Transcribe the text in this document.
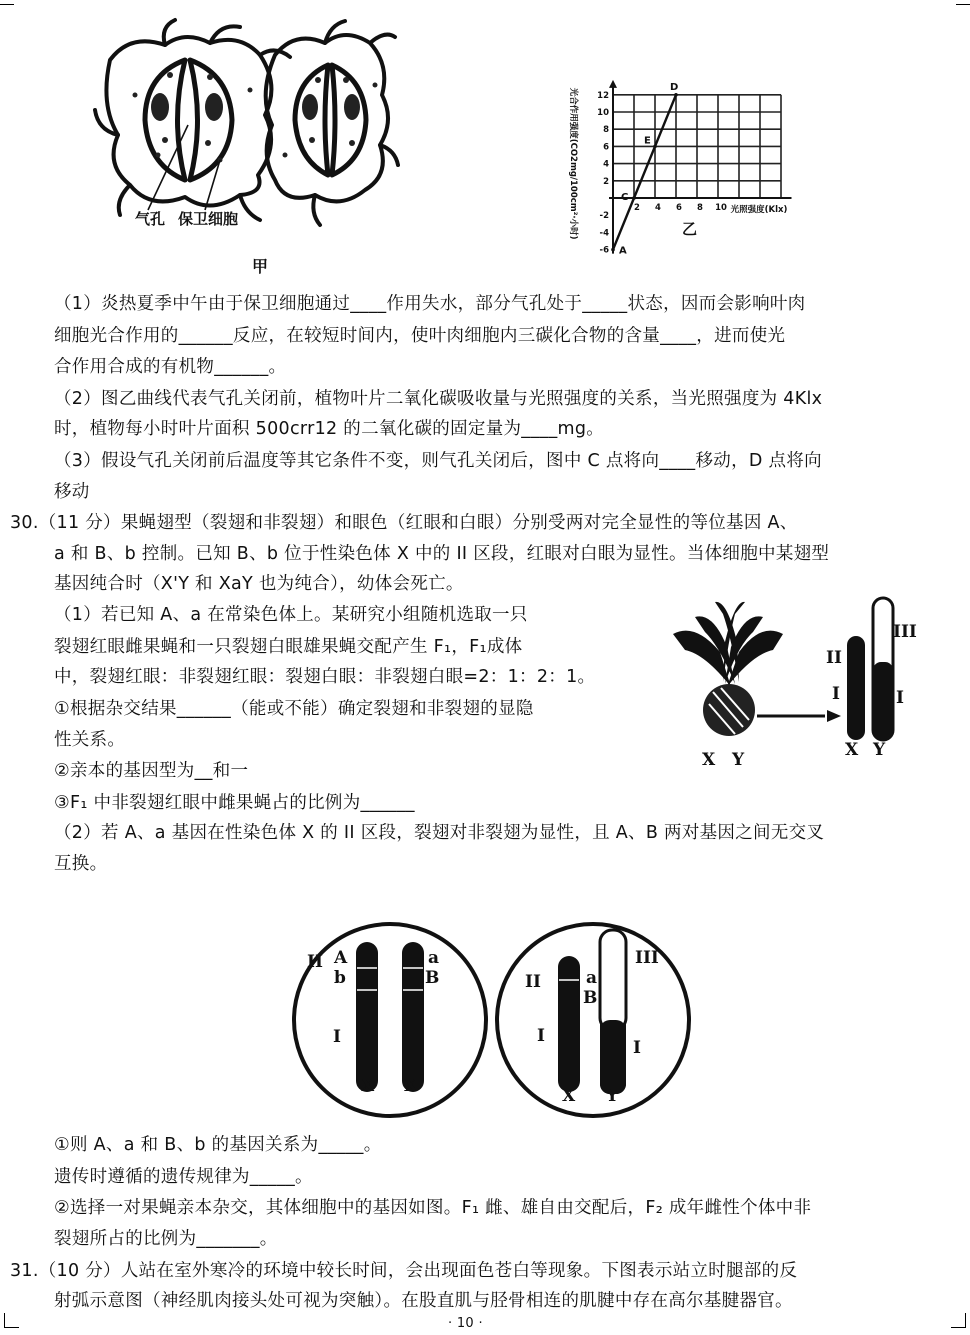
气孔 保卫细胞
甲
12
10
8
6
4
2
-2
-4
-6
2 4 6 8 10 光照强度(Klx)
光合作用强度(CO2mg/100cm²·小时)
A
C
E
D
乙
（1）炎热夏季中午由于保卫细胞通过____作用失水，部分气孔处于_____状态，因而会影响叶肉
细胞光合作用的______反应，在较短时间内，使叶肉细胞内三碳化合物的含量____，进而使光
合作用合成的有机物______。
（2）图乙曲线代表气孔关闭前，植物叶片二氧化碳吸收量与光照强度的关系，当光照强度为 4Klx
时，植物每小时叶片面积 500crr12 的二氧化碳的固定量为____mg。
（3）假设气孔关闭前后温度等其它条件不变，则气孔关闭后，图中 C 点将向____移动，D 点将向
移动
30.（11 分）果蝇翅型（裂翅和非裂翅）和眼色（红眼和白眼）分别受两对完全显性的等位基因 A、
a 和 B、b 控制。已知 B、b 位于性染色体 X 中的 II 区段，红眼对白眼为显性。当体细胞中某翅型
基因纯合时（X'Y 和 XaY 也为纯合），幼体会死亡。
（1）若已知 A、a 在常染色体上。某研究小组随机选取一只
裂翅红眼雌果蝇和一只裂翅白眼雄果蝇交配产生 F₁，F₁成体
中，裂翅红眼：非裂翅红眼：裂翅白眼：非裂翅白眼=2：1：2：1。
①根据杂交结果______（能或不能）确定裂翅和非裂翅的显隐
性关系。
②亲本的基因型为__和一
③F₁ 中非裂翅红眼中雌果蝇占的比例为______
（2）若 A、a 基因在性染色体 X 的 II 区段，裂翅对非裂翅为显性，且 A、B 两对基因之间无交叉
互换。
II
I
III
I
X Y
X Y
II A
b
a
B
I
X X
II	a
B
III
I
I
X Y
①则 A、a 和 B、b 的基因关系为_____。
遗传时遵循的遗传规律为_____。
②选择一对果蝇亲本杂交，其体细胞中的基因如图。F₁ 雌、雄自由交配后，F₂ 成年雌性个体中非
裂翅所占的比例为_______。
31.（10 分）人站在室外寒冷的环境中较长时间，会出现面色苍白等现象。下图表示站立时腿部的反
射弧示意图（神经肌肉接头处可视为突触）。在股直肌与胫骨相连的肌腱中存在高尔基腱器官。
· 10 ·
